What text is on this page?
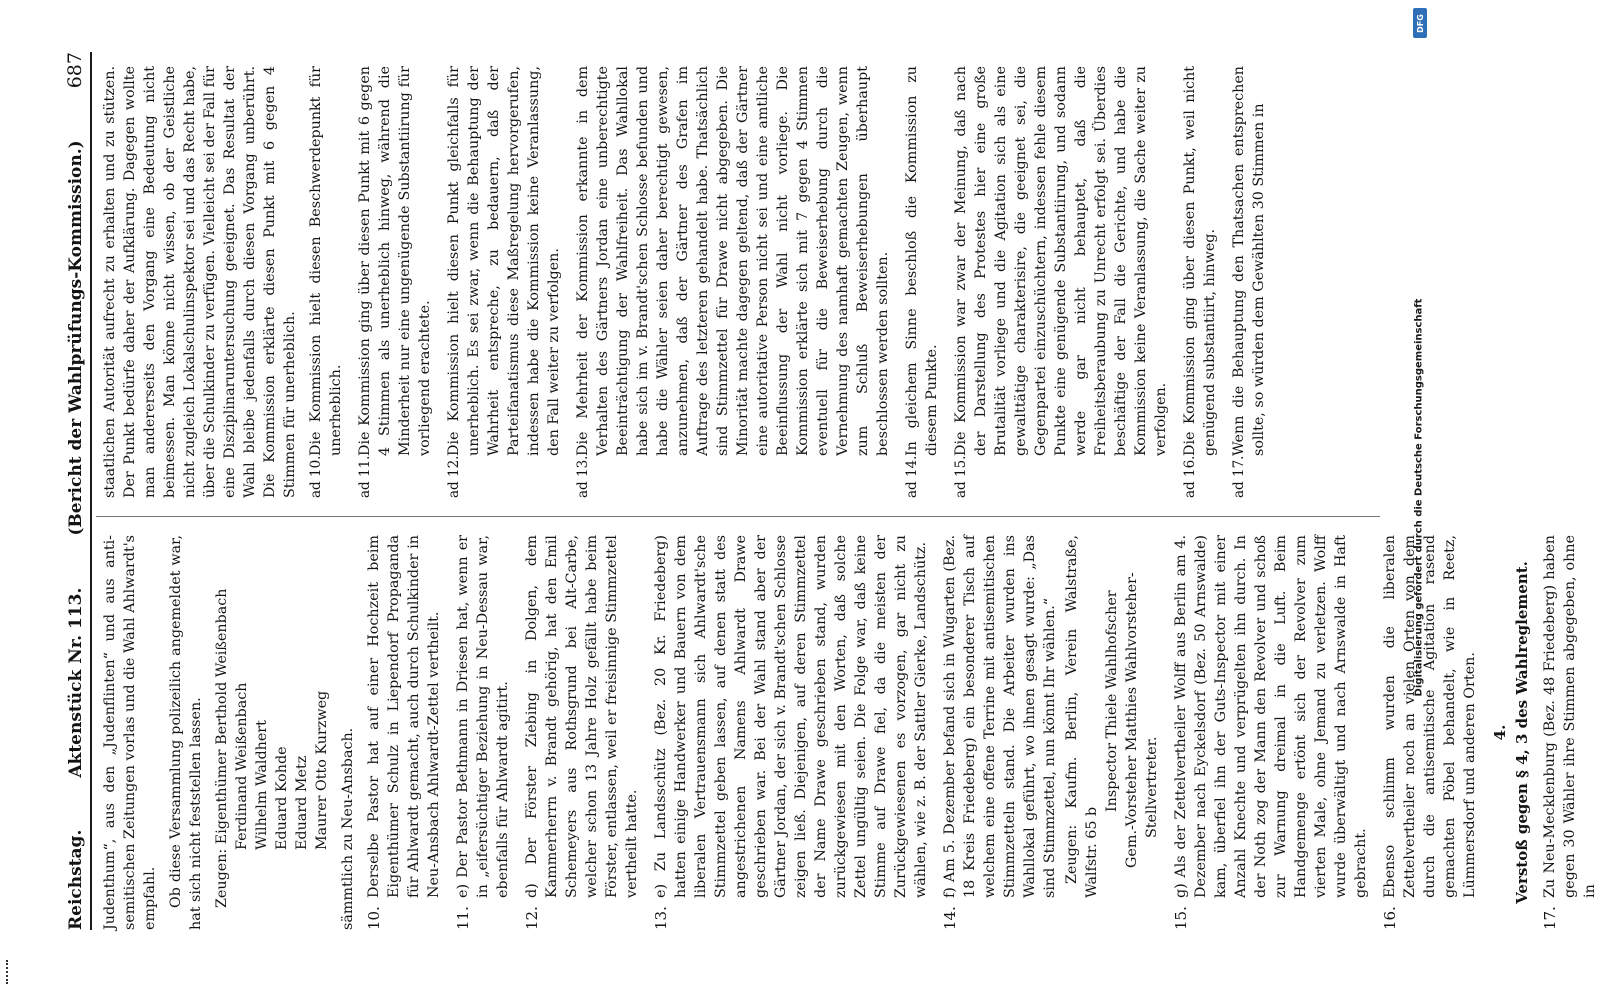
Reichstag.
Aktenstück Nr. 113.
(Bericht der Wahlprüfungs-Kommission.)
687

Judenthum“, aus den „Judenflinten“ und aus anti-semitischen Zeitungen vorlas und die Wahl Ahlwardt's empfahl. Ob diese Versammlung polizeilich angemeldet war, hat sich nicht feststellen lassen. Zeugen: Eigenthümer Berthold Weißenbach Ferdinand Weißenbach Wilhelm Waldhert Eduard Kohde Eduard Metz Maurer Otto Kurzweg sämmtlich zu Neu-Ansbach. 10.
Derselbe Pastor hat auf einer Hochzeit beim Eigenthümer Schulz in Liependorf Propaganda für Ahlwardt gemacht, auch durch Schulkinder in Neu-Ansbach Ahlwardt-Zettel vertheilt.
11.
e) Der Pastor Bethmann in Driesen hat, wenn er in „eifersüchtiger Beziehung in Neu-Dessau war, ebenfalls für Ahlwardt agitirt.
12.
d) Der Förster Ziebing in Dolgen, dem Kammerherrn v. Brandt gehörig, hat den Emil Schemeyers aus Rothsgrund bei Alt-Carbe, welcher schon 13 Jahre Holz gefällt habe beim Förster, entlassen, weil er freisinnige Stimmzettel vertheilt hatte.
13.
e) Zu Landsschütz (Bez. 20 Kr. Friedeberg) hatten einige Handwerker und Bauern von dem liberalen Vertrauensmann sich Ahlwardt'sche Stimmzettel geben lassen, auf denen statt des angestrichenen Namens Ahlwardt Drawe geschrieben war. Bei der Wahl stand aber der Gärtner Jordan, der sich v. Brandt'schen Schlosse zeigen ließ. Diejenigen, auf deren Stimmzettel der Name Drawe geschrieben stand, wurden zurückgewiesen mit den Worten, daß solche Zettel ungültig seien. Die Folge war, daß keine Stimme auf Drawe fiel, da die meisten der Zurückgewiesenen es vorzogen, gar nicht zu wählen, wie z. B. der Sattler Gierke, Landschütz.
14.
f) Am 5. Dezember befand sich in Wugarten (Bez. 18 Kreis Friedeberg) ein besonderer Tisch auf welchem eine offene Terrine mit antisemitischen Stimmzetteln stand. Die Arbeiter wurden ins Wahllokal geführt, wo ihnen gesagt wurde: „Das sind Stimmzettel, nun könnt Ihr wählen.“ Zeugen: Kaufm. Berlin, Verein Walstraße, Walfstr. 65 b
Inspector Thiele Wahlhofscher Gem.-Vorsteher Matthies Wahlvorsteher- Stellvertreter.
15.
g) Als der Zettelvertheiler Wolff aus Berlin am 4. Dezember nach Eyckelsdorf (Bez. 50 Arnswalde) kam, überfiel ihn der Guts-Inspector mit einer Anzahl Knechte und verprügelten ihn durch. In der Noth zog der Mann den Revolver und schoß zur Warnung dreimal in die Luft. Beim Handgemenge ertönt sich der Revolver zum vierten Male, ohne Jemand zu verletzen. Wolff wurde überwältigt und nach Arnswalde in Haft gebracht.
16.
Ebenso schlimm wurden die liberalen Zettelvertheiler noch an vielen Orten von dem durch die antisemitische Agitation rasend gemachten Pöbel behandelt, wie in Reetz, Lümmersdorf und anderen Orten. 4. Verstoß gegen § 4, 3 des Wahlreglement.
17.
Zu Neu-Mecklenburg (Bez. 48 Friedeberg) haben gegen 30 Wähler ihre Stimmen abgegeben, ohne in

staatlichen Autorität aufrecht zu erhalten und zu stützen. Der Punkt bedürfe daher der Aufklärung. Dagegen wollte man andererseits den Vorgang eine Bedeutung nicht beimessen. Man könne nicht wissen, ob der Geistliche nicht zugleich Lokalschulinspektor sei und das Recht habe, über die Schulkinder zu verfügen. Vielleicht sei der Fall für eine Disziplinaruntersuchung geeignet. Das Resultat der Wahl bleibe jedenfalls durch diesen Vorgang unberührt. Die Kommission erklärte diesen Punkt mit 6 gegen 4 Stimmen für unerheblich. ad 10.
Die Kommission hielt diesen Beschwerdepunkt für unerheblich.
ad 11.
Die Kommission ging über diesen Punkt mit 6 gegen 4 Stimmen als unerheblich hinweg, während die Minderheit nur eine ungenügende Substantiirung für vorliegend erachtete.
ad 12.
Die Kommission hielt diesen Punkt gleichfalls für unerheblich. Es sei zwar, wenn die Behauptung der Wahrheit entspreche, zu bedauern, daß der Parteifanatismus diese Maßregelung hervorgerufen, indessen habe die Kommission keine Veranlassung, den Fall weiter zu verfolgen.
ad 13.
Die Mehrheit der Kommission erkannte in dem Verhalten des Gärtners Jordan eine unberechtigte Beeinträchtigung der Wahlfreiheit. Das Wahllokal habe sich im v. Brandt'schen Schlosse befunden und habe die Wähler seien daher berechtigt gewesen, anzunehmen, daß der Gärtner des Grafen im Auftrage des letzteren gehandelt habe. Thatsächlich sind Stimmzettel für Drawe nicht abgegeben. Die Minorität machte dagegen geltend, daß der Gärtner eine autoritative Person nicht sei und eine amtliche Beeinflussung der Wahl nicht vorliege. Die Kommission erklärte sich mit 7 gegen 4 Stimmen eventuell für die Beweiserhebung durch die Vernehmung des namhaft gemachten Zeugen, wenn zum Schluß Beweiserhebungen überhaupt beschlossen werden sollten.
ad 14.
In gleichem Sinne beschloß die Kommission zu diesem Punkte.
ad 15.
Die Kommission war zwar der Meinung, daß nach der Darstellung des Protestes hier eine große Brutalität vorliege und die Agitation sich als eine gewalttätige charakterisire, die geeignet sei, die Gegenpartei einzuschüchtern, indessen fehle diesem Punkte eine genügende Substantiirung, und sodann werde gar nicht behauptet, daß die Freiheitsberaubung zu Unrecht erfolgt sei. Überdies beschäftige der Fall die Gerichte, und habe die Kommission keine Veranlassung, die Sache weiter zu verfolgen.
ad 16.
Die Kommission ging über diesen Punkt, weil nicht genügend substantiirt, hinweg.
ad 17.
Wenn die Behauptung den Thatsachen entsprechen sollte, so würden dem Gewählten 30 Stimmen in
DFG
Digitalisierung gefördert durch die Deutsche Forschungsgemeinschaft
